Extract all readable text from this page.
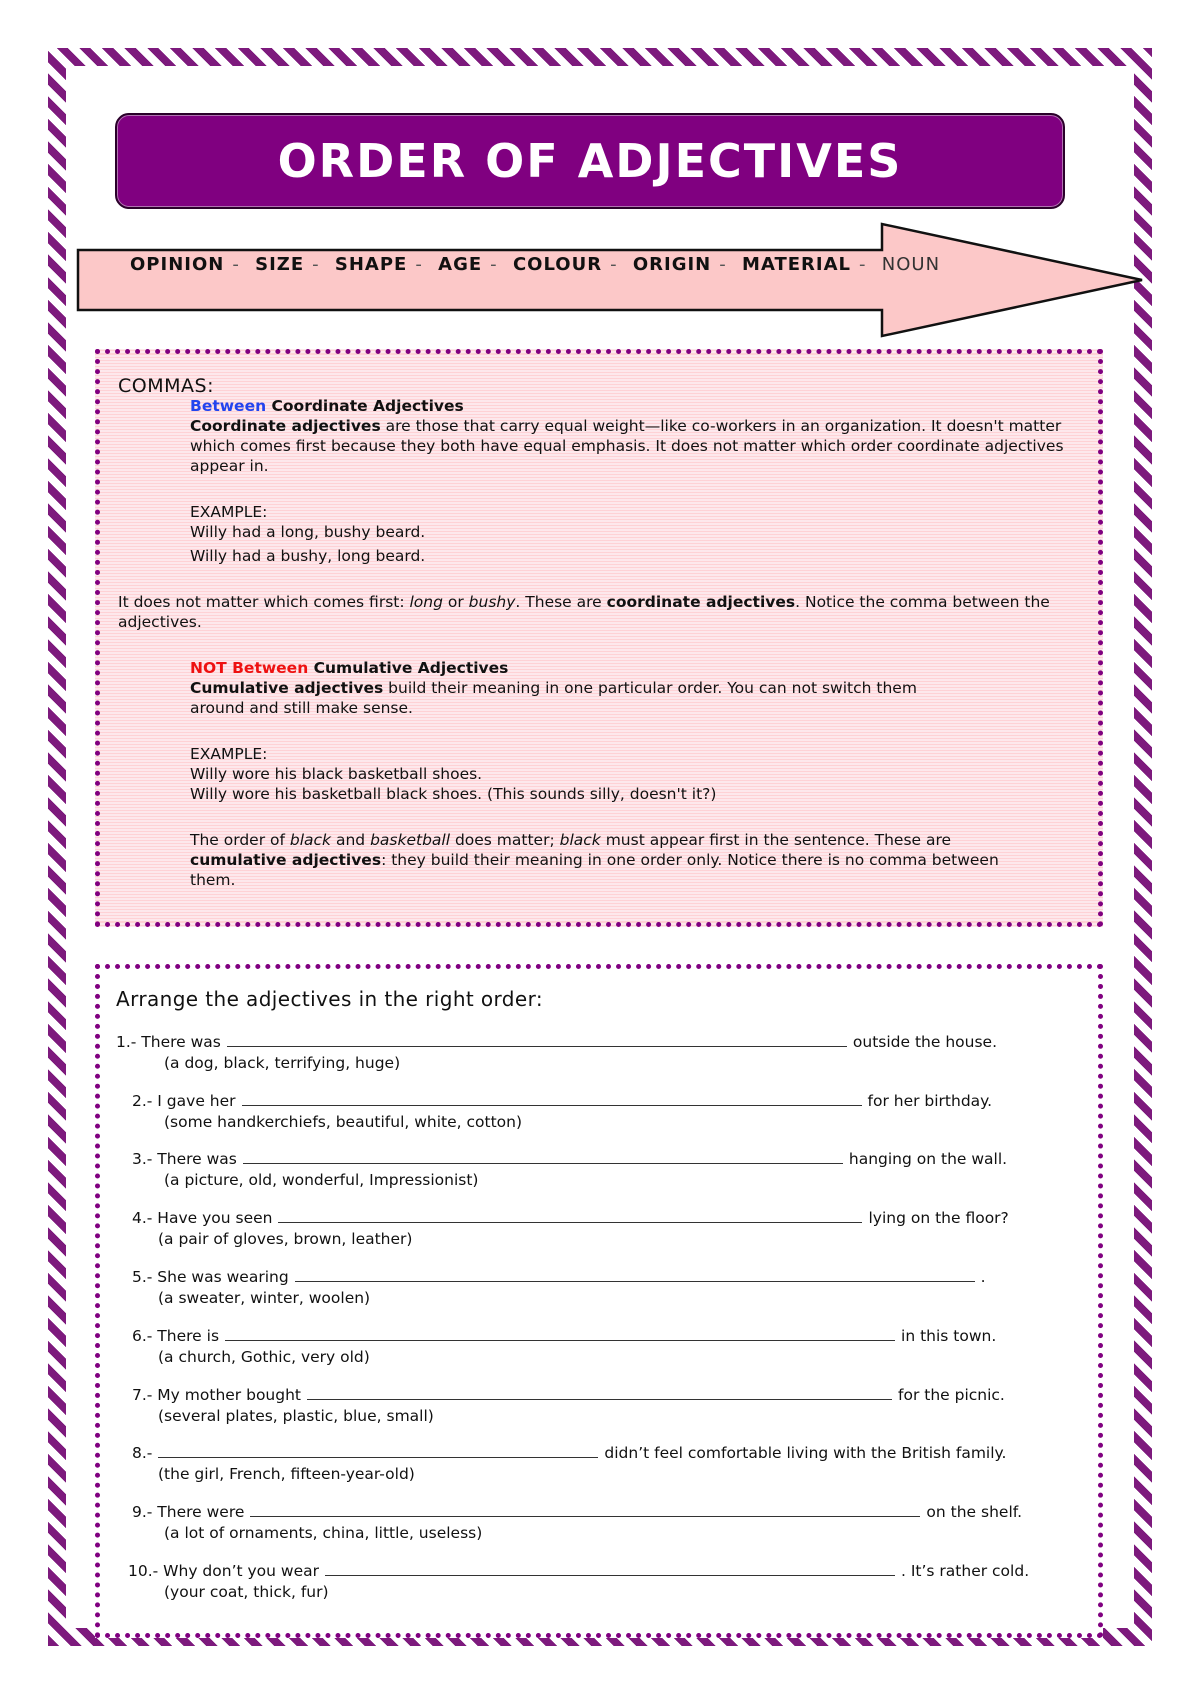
ORDER OF ADJECTIVES
OPINION - SIZE - SHAPE - AGE - COLOUR - ORIGIN - MATERIAL - NOUN
COMMAS:

Between Coordinate Adjectives

Coordinate adjectives are those that carry equal weight—like co-workers in an organization. It doesn't matter which comes first because they both have equal emphasis. It does not matter which order coordinate adjectives appear in.

EXAMPLE:

Willy had a long, bushy beard.

Willy had a bushy, long beard.

It does not matter which comes first: long or bushy. These are coordinate adjectives. Notice the comma between the adjectives.

NOT Between Cumulative Adjectives

Cumulative adjectives build their meaning in one particular order. You can not switch them around and still make sense.

EXAMPLE:

Willy wore his black basketball shoes.

Willy wore his basketball black shoes. (This sounds silly, doesn't it?)

The order of black and basketball does matter; black must appear first in the sentence. These are cumulative adjectives: they build their meaning in one order only. Notice there is no comma between them.

Arrange the adjectives in the right order:
1.- There was	outside the house.
(a dog, black, terrifying, huge)
2.- I gave her	for her birthday.
(some handkerchiefs, beautiful, white, cotton)
3.- There was	hanging on the wall.
(a picture, old, wonderful, Impressionist)
4.- Have you seen	lying on the floor?
(a pair of gloves, brown, leather)
5.- She was wearing	.
(a sweater, winter, woolen)
6.- There is	in this town.
(a church, Gothic, very old)
7.- My mother bought	for the picnic.
(several plates, plastic, blue, small)
8.-	didn’t feel comfortable living with the British family.
(the girl, French, fifteen-year-old)
9.- There were	on the shelf.
(a lot of ornaments, china, little, useless)
10.- Why don’t you wear	. It’s rather cold.
(your coat, thick, fur)
